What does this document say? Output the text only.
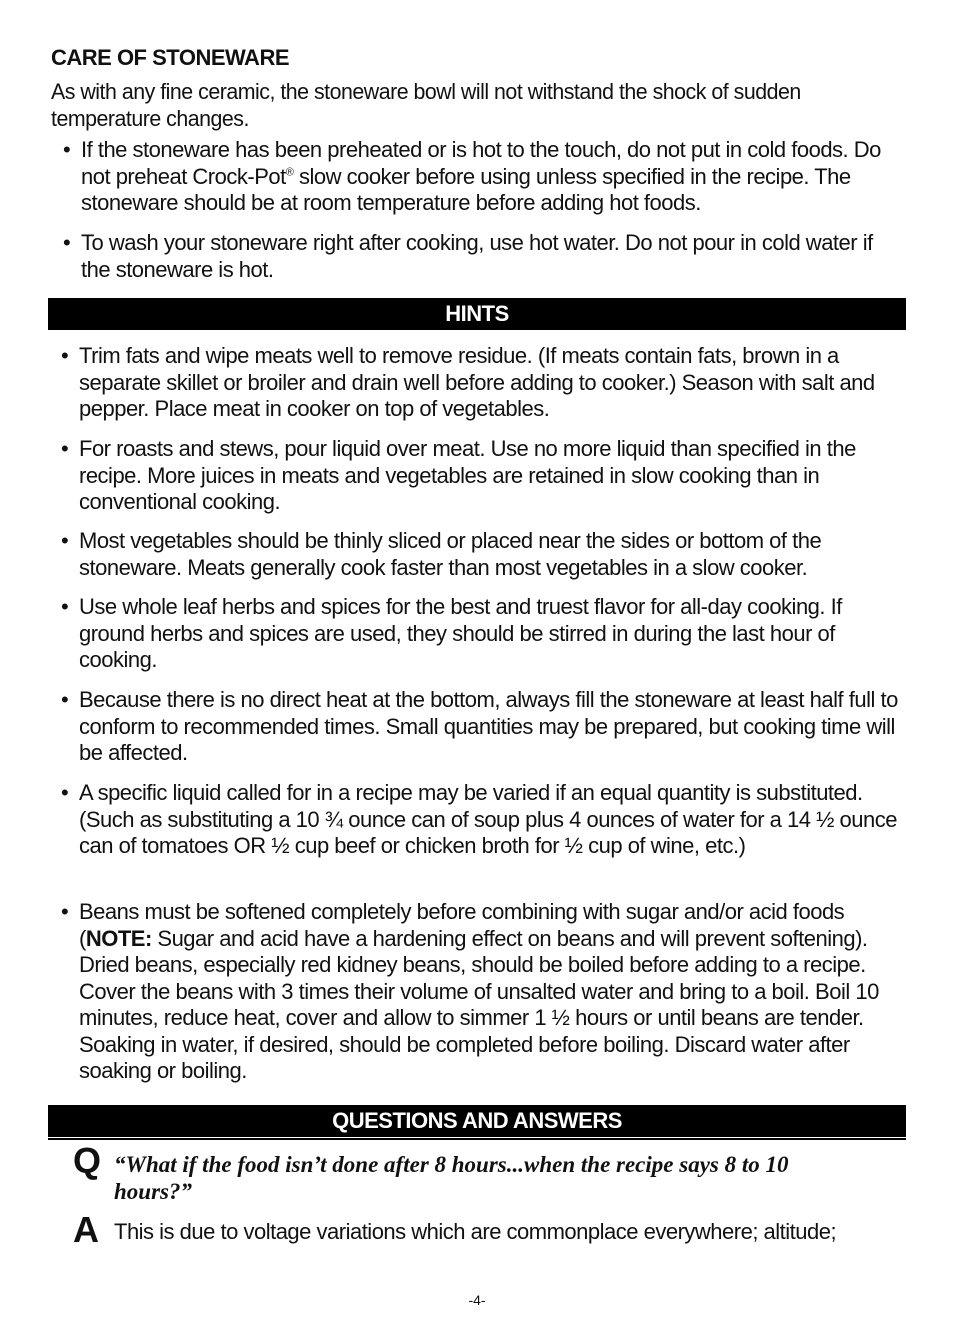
CARE OF STONEWARE
As with any fine ceramic, the stoneware bowl will not withstand the shock of sudden temperature changes.
• If the stoneware has been preheated or is hot to the touch, do not put in cold foods. Do not preheat Crock-Pot® slow cooker before using unless specified in the recipe. The stoneware should be at room temperature before adding hot foods.
• To wash your stoneware right after cooking, use hot water. Do not pour in cold water if the stoneware is hot.
HINTS
• Trim fats and wipe meats well to remove residue. (If meats contain fats, brown in a separate skillet or broiler and drain well before adding to cooker.) Season with salt and pepper. Place meat in cooker on top of vegetables.
• For roasts and stews, pour liquid over meat. Use no more liquid than specified in the recipe. More juices in meats and vegetables are retained in slow cooking than in conventional cooking.
• Most vegetables should be thinly sliced or placed near the sides or bottom of the stoneware. Meats generally cook faster than most vegetables in a slow cooker.
• Use whole leaf herbs and spices for the best and truest flavor for all-day cooking. If ground herbs and spices are used, they should be stirred in during the last hour of cooking.
• Because there is no direct heat at the bottom, always fill the stoneware at least half full to conform to recommended times. Small quantities may be prepared, but cooking time will be affected.
• A specific liquid called for in a recipe may be varied if an equal quantity is substituted. (Such as substituting a 10 ¾ ounce can of soup plus 4 ounces of water for a 14 ½ ounce can of tomatoes OR ½ cup beef or chicken broth for ½ cup of wine, etc.)
• Beans must be softened completely before combining with sugar and/or acid foods (NOTE: Sugar and acid have a hardening effect on beans and will prevent softening). Dried beans, especially red kidney beans, should be boiled before adding to a recipe. Cover the beans with 3 times their volume of unsalted water and bring to a boil. Boil 10 minutes, reduce heat, cover and allow to simmer 1 ½ hours or until beans are tender. Soaking in water, if desired, should be completed before boiling. Discard water after soaking or boiling.
QUESTIONS AND ANSWERS
Q “What if the food isn’t done after 8 hours...when the recipe says 8 to 10 hours?”
A This is due to voltage variations which are commonplace everywhere; altitude;
-4-
